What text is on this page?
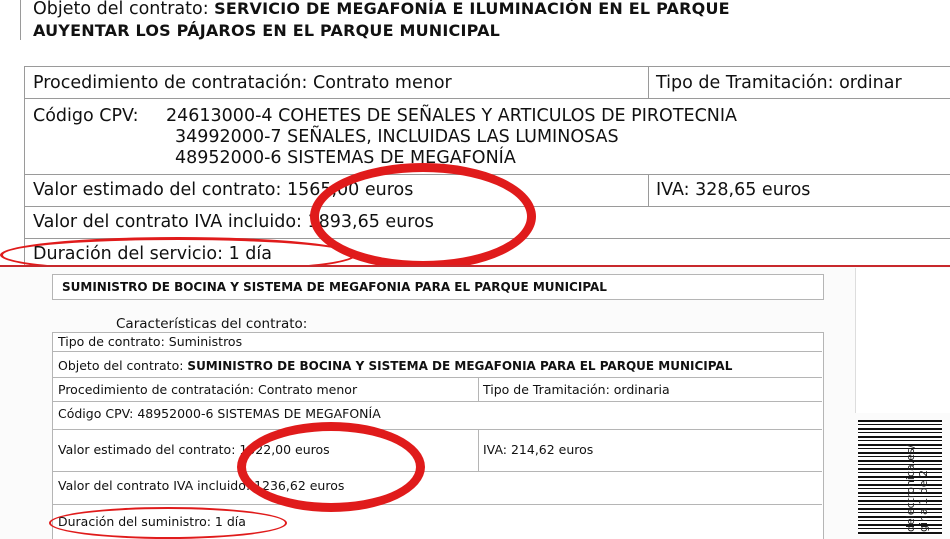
Objeto del contrato: SERVICIO DE MEGAFONÍA E ILUMINACIÓN EN EL PARQUE
AUYENTAR LOS PÁJAROS EN EL PARQUE MUNICIPAL
Procedimiento de contratación: Contrato menor	Tipo de Tramitación: ordinar
Código CPV: 24613000-4 COHETES DE SEÑALES Y ARTICULOS DE PIROTECNIA
34992000-7 SEÑALES, INCLUIDAS LAS LUMINOSAS
48952000-6 SISTEMAS DE MEGAFONÍA
Valor estimado del contrato: 1565,00 euros	IVA: 328,65 euros
Valor del contrato IVA incluido: 1893,65 euros
Duración del servicio: 1 día
SUMINISTRO DE BOCINA Y SISTEMA DE MEGAFONIA PARA EL PARQUE MUNICIPAL
Características del contrato:
Tipo de contrato: Suministros
Objeto del contrato: SUMINISTRO DE BOCINA Y SISTEMA DE MEGAFONIA PARA EL PARQUE MUNICIPAL
Procedimiento de contratación: Contrato menor	Tipo de Tramitación: ordinaria
Código CPV: 48952000-6 SISTEMAS DE MEGAFONÍA
Valor estimado del contrato: 1022,00 euros	IVA: 214,62 euros
Valor del contrato IVA incluido: 1236,62 euros
Duración del suministro: 1 día	delectronica.es/ gina 1 de 2
